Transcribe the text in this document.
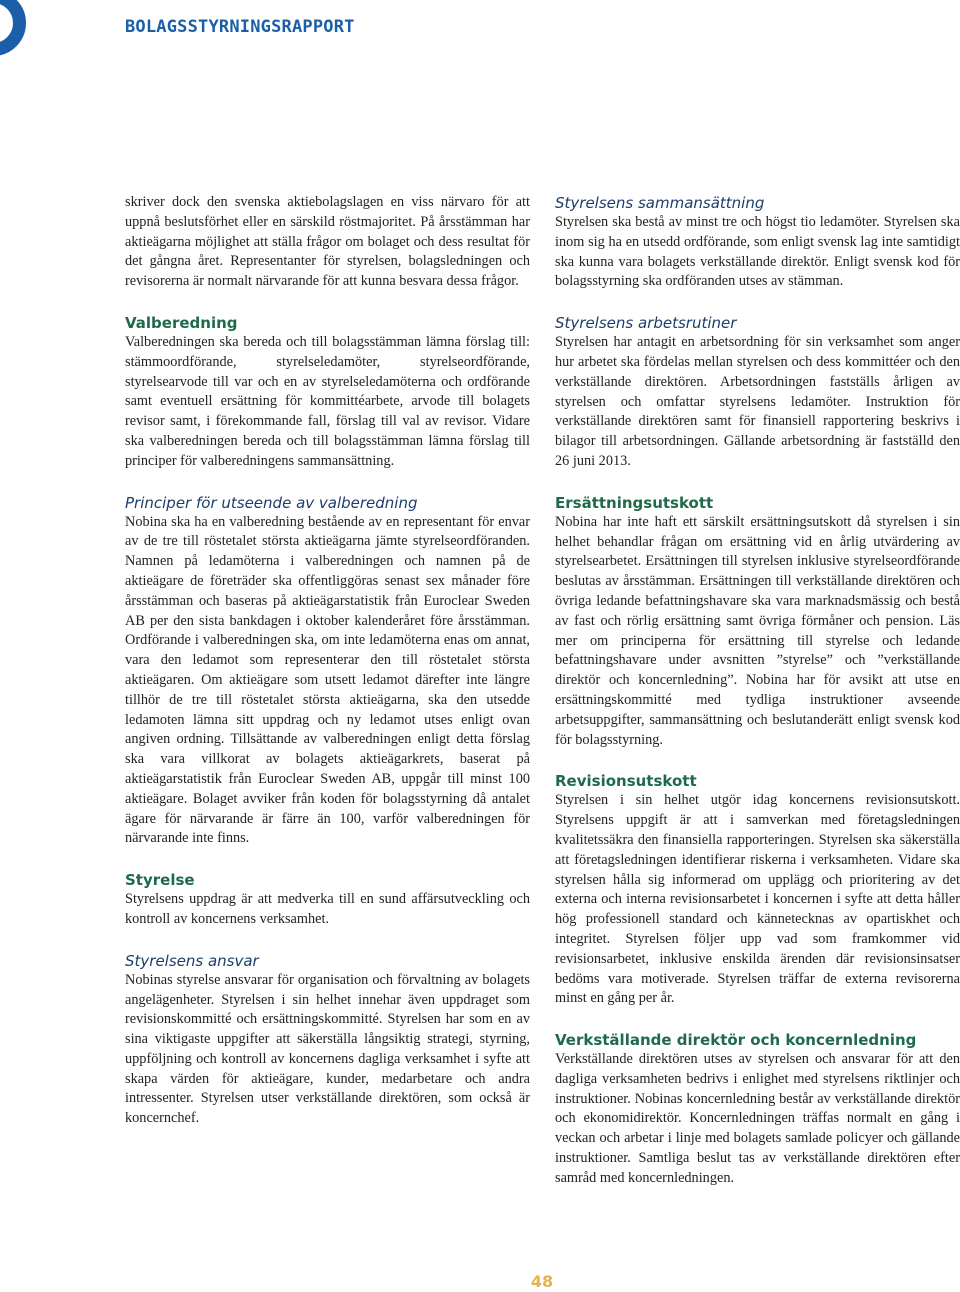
BOLAGSSTYRNINGSRAPPORT

skriver dock den svenska aktiebolagslagen en viss närvaro för att uppnå beslutsförhet eller en särskild röstmajoritet. På årsstämman har aktieägarna möjlighet att ställa frågor om bolaget och dess resultat för det gångna året. Representanter för styrelsen, bolagsledningen och revisorerna är normalt närvarande för att kunna besvara dessa frågor.

Valberedning

Valberedningen ska bereda och till bolagsstämman lämna förslag till: stämmoordförande, styrelseledamöter, styrelseordförande, styrelsearvode till var och en av styrelseledamöterna och ordförande samt eventuell ersättning för kommittéarbete, arvode till bolagets revisor samt, i förekommande fall, förslag till val av revisor. Vidare ska valberedningen bereda och till bolagsstämman lämna förslag till principer för valberedningens sammansättning.

Principer för utseende av valberedning

Nobina ska ha en valberedning bestående av en representant för envar av de tre till röstetalet största aktieägarna jämte styrelseordföranden. Namnen på ledamöterna i valberedningen och namnen på de aktieägare de företräder ska offentliggöras senast sex månader före årsstämman och baseras på aktieägarstatistik från Euroclear Sweden AB per den sista bankdagen i oktober kalenderåret före årsstämman. Ordförande i valberedningen ska, om inte ledamöterna enas om annat, vara den ledamot som representerar den till röstetalet största aktieägaren. Om aktieägare som utsett ledamot därefter inte längre tillhör de tre till röstetalet största aktieägarna, ska den utsedde ledamoten lämna sitt uppdrag och ny ledamot utses enligt ovan angiven ordning. Tillsättande av valberedningen enligt detta förslag ska vara villkorat av bolagets aktieägarkrets, baserat på aktieägarstatistik från Euroclear Sweden AB, uppgår till minst 100 aktieägare. Bolaget avviker från koden för bolagsstyrning då antalet ägare för närvarande är färre än 100, varför valberedningen för närvarande inte finns.

Styrelse

Styrelsens uppdrag är att medverka till en sund affärsutveckling och kontroll av koncernens verksamhet.

Styrelsens ansvar

Nobinas styrelse ansvarar för organisation och förvaltning av bolagets angelägenheter. Styrelsen i sin helhet innehar även uppdraget som revisionskommitté och ersättningskommitté. Styrelsen har som en av sina viktigaste uppgifter att säkerställa långsiktig strategi, styrning, uppföljning och kontroll av koncernens dagliga verksamhet i syfte att skapa värden för aktieägare, kunder, medarbetare och andra intressenter. Styrelsen utser verkställande direktören, som också är koncernchef.

Styrelsens sammansättning

Styrelsen ska bestå av minst tre och högst tio ledamöter. Styrelsen ska inom sig ha en utsedd ordförande, som enligt svensk lag inte samtidigt ska kunna vara bolagets verkställande direktör. Enligt svensk kod för bolagsstyrning ska ordföranden utses av stämman.

Styrelsens arbetsrutiner

Styrelsen har antagit en arbetsordning för sin verksamhet som anger hur arbetet ska fördelas mellan styrelsen och dess kommittéer och den verkställande direktören. Arbetsordningen fastställs årligen av styrelsen och omfattar styrelsens ledamöter. Instruktion för verkställande direktören samt för finansiell rapportering beskrivs i bilagor till arbetsordningen. Gällande arbetsordning är fastställd den 26 juni 2013.

Ersättningsutskott

Nobina har inte haft ett särskilt ersättningsutskott då styrelsen i sin helhet behandlar frågan om ersättning vid en årlig utvärdering av styrelsearbetet. Ersättningen till styrelsen inklusive styrelseordförande beslutas av årsstämman. Ersättningen till verkställande direktören och övriga ledande befattningshavare ska vara marknadsmässig och bestå av fast och rörlig ersättning samt övriga förmåner och pension. Läs mer om principerna för ersättning till styrelse och ledande befattningshavare under avsnitten ”styrelse” och ”verkställande direktör och koncernledning”. Nobina har för avsikt att utse en ersättningskommitté med tydliga instruktioner avseende arbetsuppgifter, sammansättning och beslutanderätt enligt svensk kod för bolagsstyrning.

Revisionsutskott

Styrelsen i sin helhet utgör idag koncernens revisionsutskott. Styrelsens uppgift är att i samverkan med företagsledningen kvalitetssäkra den finansiella rapporteringen. Styrelsen ska säkerställa att företagsledningen identifierar riskerna i verksamheten. Vidare ska styrelsen hålla sig informerad om upplägg och prioritering av det externa och interna revisionsarbetet i koncernen i syfte att detta håller hög professionell standard och kännetecknas av opartiskhet och integritet. Styrelsen följer upp vad som framkommer vid revisionsarbetet, inklusive enskilda ärenden där revisionsinsatser bedöms vara motiverade. Styrelsen träffar de externa revisorerna minst en gång per år.

Verkställande direktör och koncernledning

Verkställande direktören utses av styrelsen och ansvarar för att den dagliga verksamheten bedrivs i enlighet med styrelsens riktlinjer och instruktioner. Nobinas koncernledning består av verkställande direktör och ekonomidirektör. Koncernledningen träffas normalt en gång i veckan och arbetar i linje med bolagets samlade policyer och gällande instruktioner. Samtliga beslut tas av verkställande direktören efter samråd med koncernledningen.

48
